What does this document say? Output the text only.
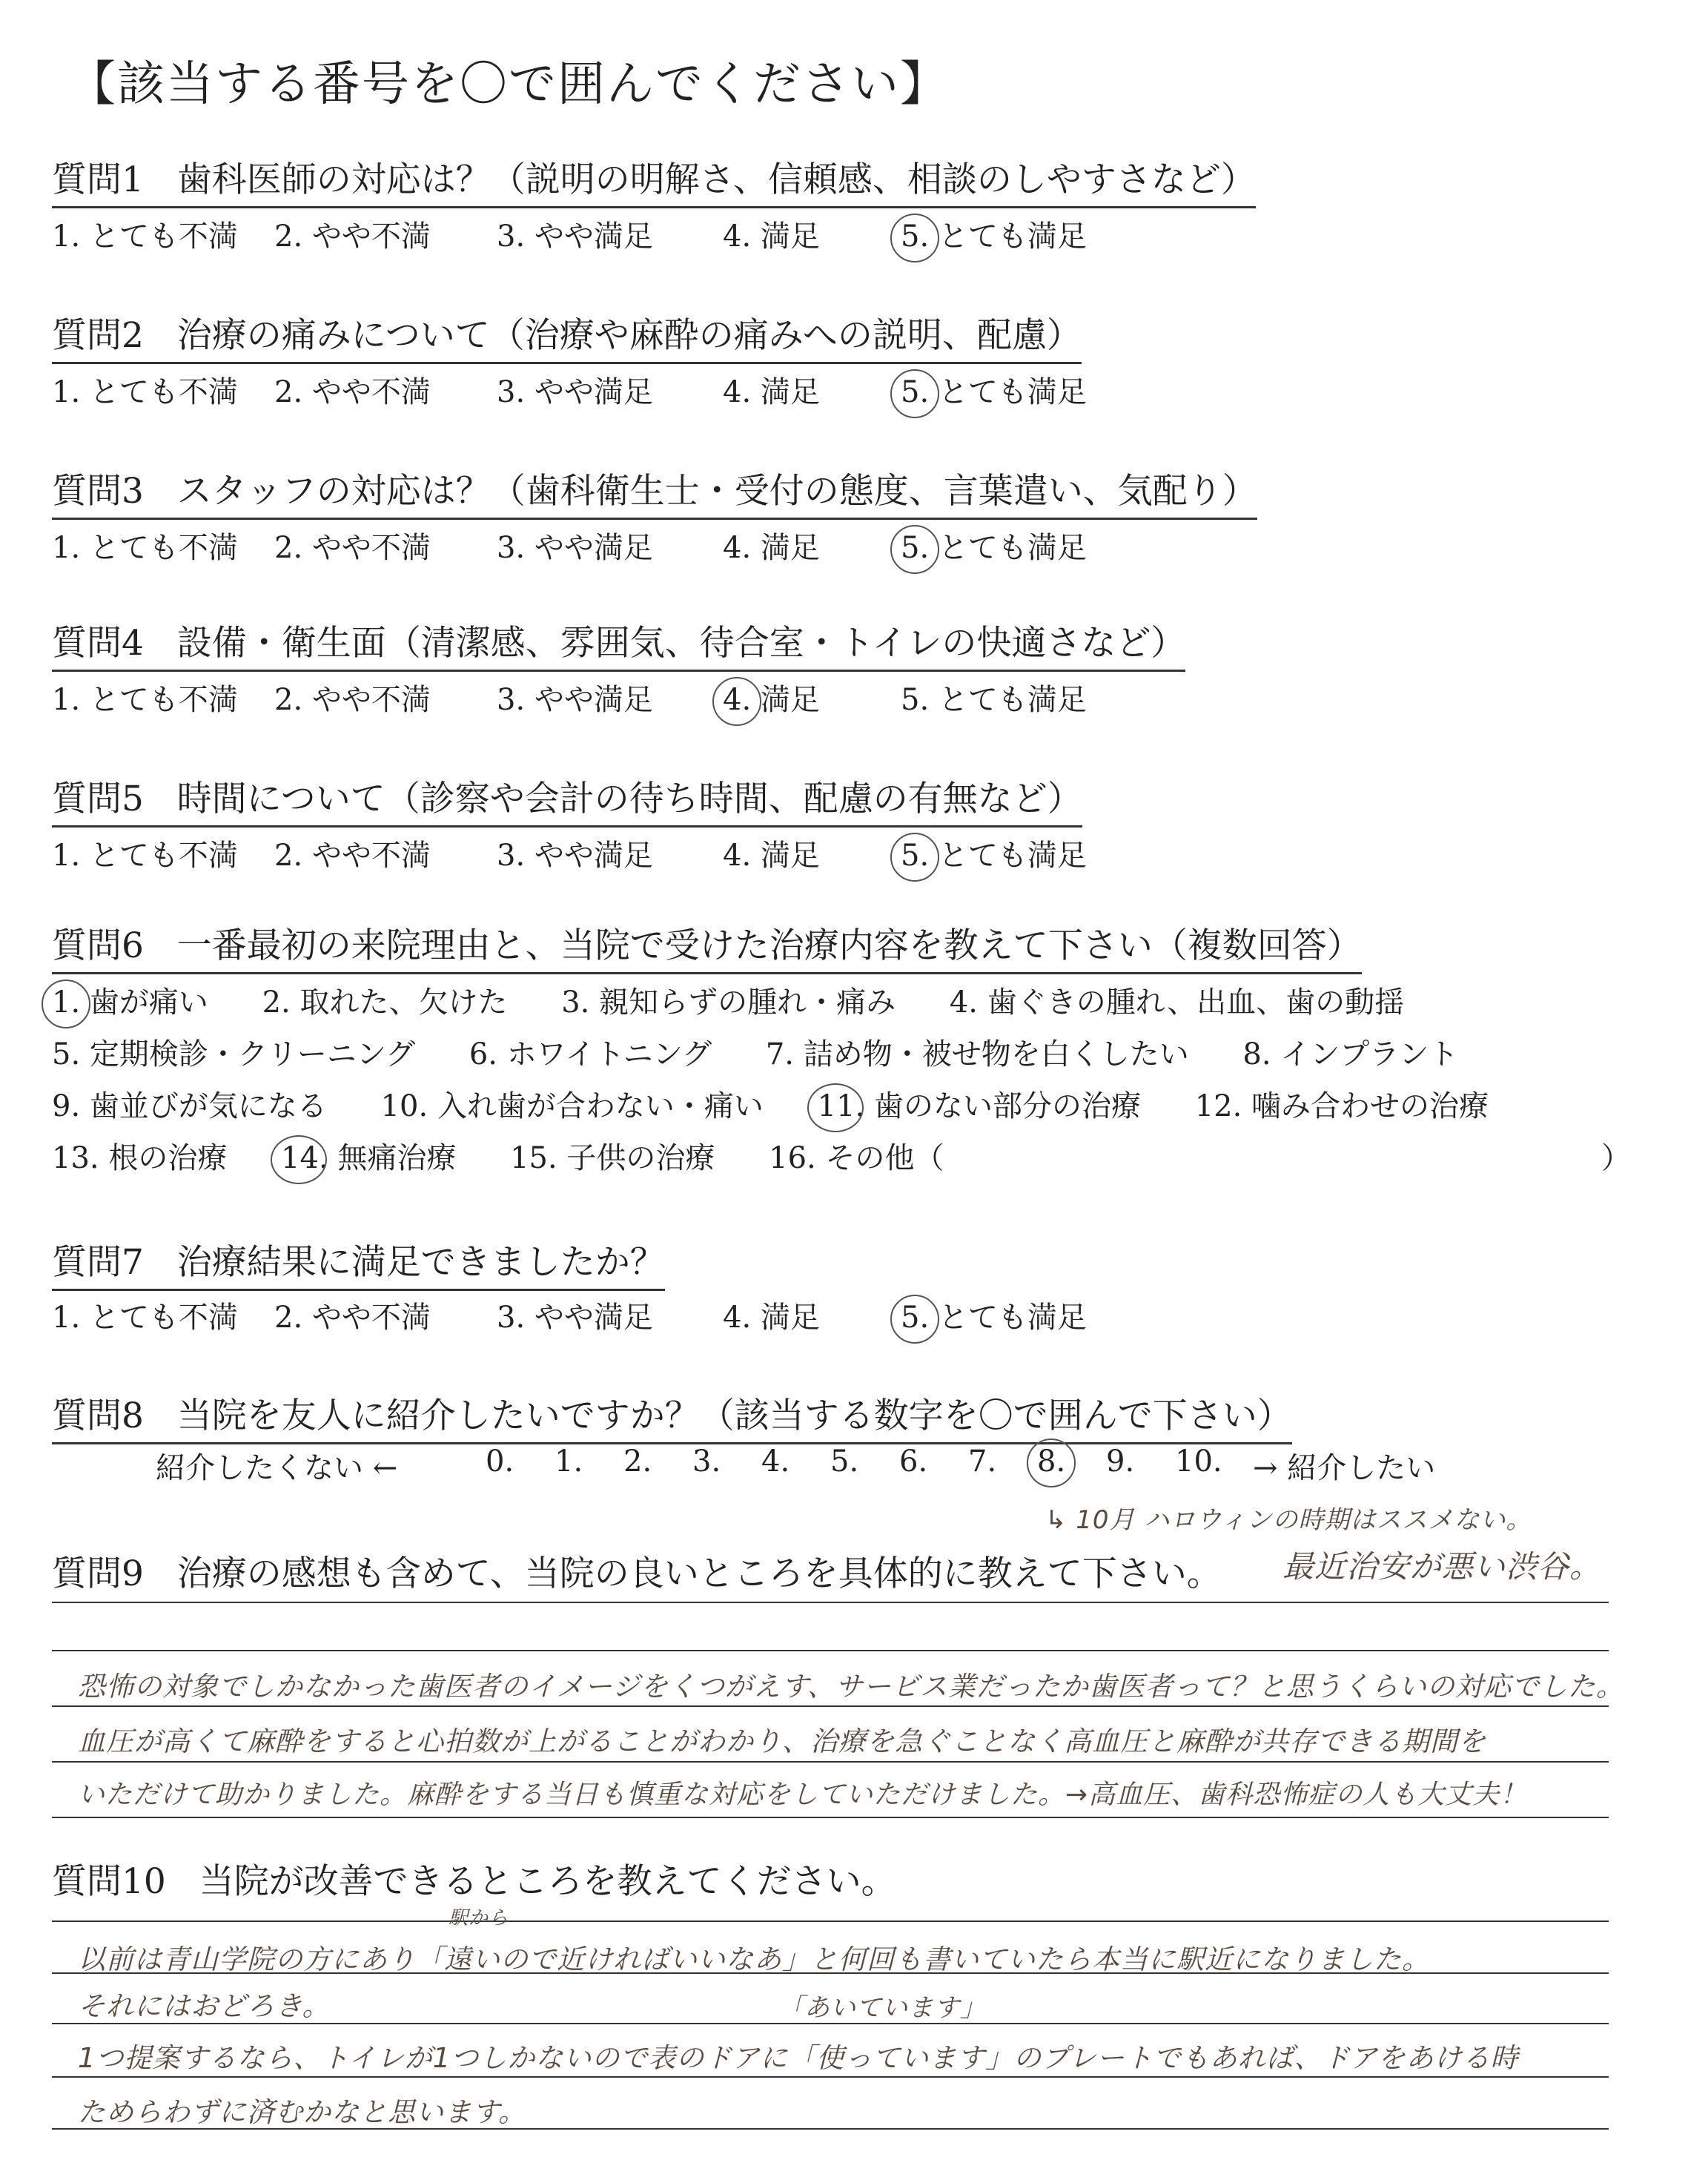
【該当する番号を〇で囲んでください】
質問1 歯科医師の対応は？（説明の明解さ、信頼感、相談のしやすさなど）
1. とても不満 2. やや不満 3. やや満足 4. 満足	5. とても満足
質問2 治療の痛みについて（治療や麻酔の痛みへの説明、配慮）
1. とても不満 2. やや不満 3. やや満足 4. 満足	5. とても満足
質問3 スタッフの対応は？（歯科衛生士・受付の態度、言葉遣い、気配り）
1. とても不満 2. やや不満 3. やや満足 4. 満足	5. とても満足
質問4 設備・衛生面（清潔感、雰囲気、待合室・トイレの快適さなど）
1. とても不満 2. やや不満 3. やや満足 4. 満足	5. とても満足
質問5 時間について（診察や会計の待ち時間、配慮の有無など）
1. とても不満 2. やや不満 3. やや満足 4. 満足	5. とても満足
質問6 一番最初の来院理由と、当院で受けた治療内容を教えて下さい（複数回答）
1. 歯が痛い 2. 取れた、欠けた 3. 親知らずの腫れ・痛み 4. 歯ぐきの腫れ、出血、歯の動揺
5. 定期検診・クリーニング 6. ホワイトニング 7. 詰め物・被せ物を白くしたい 8. インプラント
9. 歯並びが気になる 10. 入れ歯が合わない・痛い 11. 歯のない部分の治療 12. 噛み合わせの治療
13. 根の治療 14. 無痛治療 15. 子供の治療 16. その他（	）
質問7 治療結果に満足できましたか？
1. とても不満 2. やや不満 3. やや満足 4. 満足	5. とても満足
質問8 当院を友人に紹介したいですか？（該当する数字を〇で囲んで下さい）
紹介したくない ←	0. 1. 2. 3. 4. 5. 6. 7. 8. 9. 10. → 紹介したい
↳ 10月 ハロウィンの時期はススメない。
質問9 治療の感想も含めて、当院の良いところを具体的に教えて下さい。 最近治安が悪い渋谷。
恐怖の対象でしかなかった歯医者のイメージをくつがえす、サービス業だったか歯医者って？と思うくらいの対応でした。
血圧が高くて麻酔をすると心拍数が上がることがわかり、治療を急ぐことなく高血圧と麻酔が共存できる期間を
いただけて助かりました。麻酔をする当日も慎重な対応をしていただけました。→高血圧、歯科恐怖症の人も大丈夫！
質問10 当院が改善できるところを教えてください。
駅から
「あいています」
以前は青山学院の方にあり「遠いので近ければいいなあ」と何回も書いていたら本当に駅近になりました。
それにはおどろき。
1つ提案するなら、トイレが1つしかないので表のドアに「使っています」のプレートでもあれば、ドアをあける時
ためらわずに済むかなと思います。
